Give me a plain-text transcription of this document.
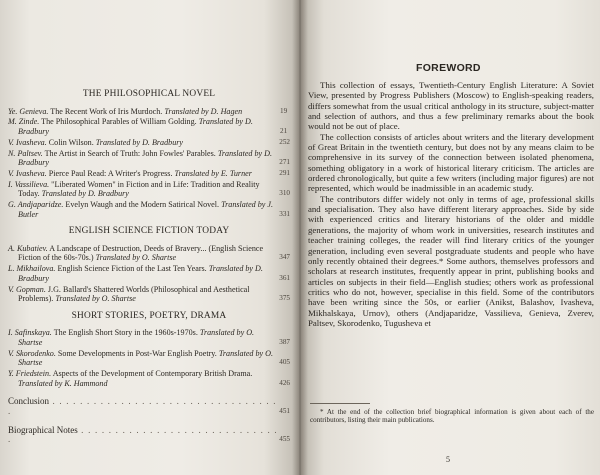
THE PHILOSOPHICAL NOVEL
Ye. Genieva. The Recent Work of Iris Murdoch. Translated by D. Hagen	19
M. Zinde. The Philosophical Parables of William Golding. Translated by D. Bradbury	21
V. Ivasheva. Colin Wilson. Translated by D. Bradbury	252
N. Paltsev. The Artist in Search of Truth: John Fowles' Parables. Translated by D. Bradbury	271
V. Ivasheva. Pierce Paul Read: A Writer's Progress. Translated by E. Turner	291
I. Vassilieva. "Liberated Women" in Fiction and in Life: Tradition and Reality Today. Translated by D. Bradbury	310
G. Andjaparidze. Evelyn Waugh and the Modern Satirical Novel. Translated by J. Butler	331
ENGLISH SCIENCE FICTION TODAY
A. Kubatiev. A Landscape of Destruction, Deeds of Bravery... (English Science Fiction of the 60s-70s.) Translated by O. Shartse	347
L. Mikhailova. English Science Fiction of the Last Ten Years. Translated by D. Bradbury	361
V. Gopman. J.G. Ballard's Shattered Worlds (Philosophical and Aesthetical Problems). Translated by O. Shartse	375
SHORT STORIES, POETRY, DRAMA
I. Safinskaya. The English Short Story in the 1960s-1970s. Translated by O. Shartse	387
V. Skorodenko. Some Developments in Post-War English Poetry. Translated by O. Shartse	405
Y. Friedstein. Aspects of the Development of Contemporary British Drama. Translated by K. Hammond	426
Conclusion . . . . . . . . . . . . . . . . . . . . . . . . . . . . . . . . . .	451
Biographical Notes . . . . . . . . . . . . . . . . . . . . . . . . . . . . . .	455
FOREWORD

This collection of essays, Twentieth-Century English Literature: A Soviet View, presented by Progress Publishers (Moscow) to English-speaking readers, differs somewhat from the usual critical anthology in its structure, subject-matter and selection of authors, and thus a few preliminary remarks about the book would not be out of place.

The collection consists of articles about writers and the literary development of Great Britain in the twentieth century, but does not by any means claim to be comprehensive in its survey of the connection between isolated phenomena, something obligatory in a work of historical literary criticism. The articles are ordered chronologically, but quite a few writers (including major figures) are not represented, which would be inadmissible in an academic study.

The contributors differ widely not only in terms of age, professional skills and specialisation. They also have different literary approaches. Side by side with experienced critics and literary historians of the older and middle generations, the majority of whom work in universities, research institutes and teacher training colleges, the reader will find literary critics of the younger generation, including even several postgraduate students and people who have only recently obtained their degrees.* Some authors, themselves professors and scholars at research institutes, frequently appear in print, publishing books and articles on subjects in their field—English studies; others work as professional critics who do not, however, specialise in this field. Some of the contributors have been writing since the 50s, or earlier (Anikst, Balashov, Ivasheva, Mikhalskaya, Urnov), others (Andjaparidze, Vassilieva, Genieva, Zverev, Paltsev, Skorodenko, Tugusheva et

* At the end of the collection brief biographical information is given about each of the contributors, listing their main publications.
5
